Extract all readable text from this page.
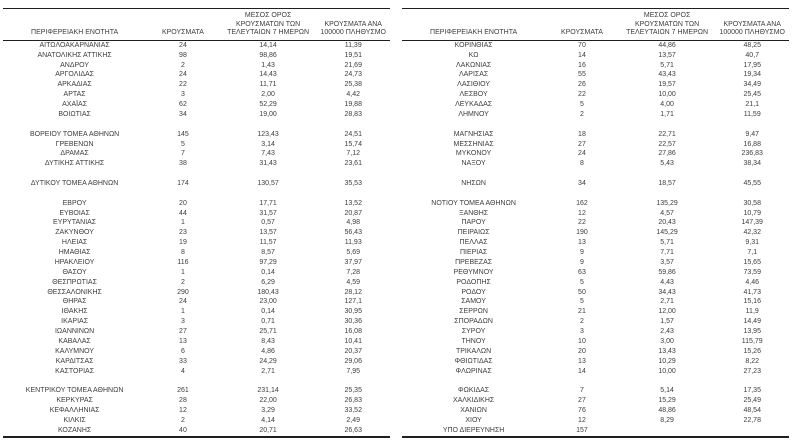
ΠΕΡΙΦΕΡΕΙΑΚΗ ΕΝΟΤΗΤΑ	ΚΡΟΥΣΜΑΤΑ	ΜΕΣΟΣ ΟΡΟΣ ΚΡΟΥΣΜΑΤΩΝ ΤΩΝ ΤΕΛΕΥΤΑΙΩΝ 7 ΗΜΕΡΩΝ	ΚΡΟΥΣΜΑΤΑ ΑΝΑ 100000 ΠΛΗΘΥΣΜΟ
ΑΙΤΩΛΟΑΚΑΡΝΑΝΙΑΣ	24	14,14	11,39
ΑΝΑΤΟΛΙΚΗΣ ΑΤΤΙΚΗΣ	98	98,86	19,51
ΑΝΔΡΟΥ	2	1,43	21,69
ΑΡΓΟΛΙΔΑΣ	24	14,43	24,73
ΑΡΚΑΔΙΑΣ	22	11,71	25,38
ΑΡΤΑΣ	3	2,00	4,42
ΑΧΑΪΑΣ	62	52,29	19,88
ΒΟΙΩΤΙΑΣ	34	19,00	28,83

ΒΟΡΕΙΟΥ ΤΟΜΕΑ ΑΘΗΝΩΝ	145	123,43	24,51
ΓΡΕΒΕΝΩΝ	5	3,14	15,74
ΔΡΑΜΑΣ	7	7,43	7,12
ΔΥΤΙΚΗΣ ΑΤΤΙΚΗΣ	38	31,43	23,61

ΔΥΤΙΚΟΥ ΤΟΜΕΑ ΑΘΗΝΩΝ	174	130,57	35,53

ΕΒΡΟΥ	20	17,71	13,52
ΕΥΒΟΙΑΣ	44	31,57	20,87
ΕΥΡΥΤΑΝΙΑΣ	1	0,57	4,98
ΖΑΚΥΝΘΟΥ	23	13,57	56,43
ΗΛΕΙΑΣ	19	11,57	11,93
ΗΜΑΘΙΑΣ	8	8,57	5,69
ΗΡΑΚΛΕΙΟΥ	116	97,29	37,97
ΘΑΣΟΥ	1	0,14	7,28
ΘΕΣΠΡΩΤΙΑΣ	2	6,29	4,59
ΘΕΣΣΑΛΟΝΙΚΗΣ	290	180,43	28,12
ΘΗΡΑΣ	24	23,00	127,1
ΙΘΑΚΗΣ	1	0,14	30,95
ΙΚΑΡΙΑΣ	3	0,71	30,36
ΙΩΑΝΝΙΝΩΝ	27	25,71	16,08
ΚΑΒΑΛΑΣ	13	8,43	10,41
ΚΑΛΥΜΝΟΥ	6	4,86	20,37
ΚΑΡΔΙΤΣΑΣ	33	24,29	29,06
ΚΑΣΤΟΡΙΑΣ	4	2,71	7,95

ΚΕΝΤΡΙΚΟΥ ΤΟΜΕΑ ΑΘΗΝΩΝ	261	231,14	25,35
ΚΕΡΚΥΡΑΣ	28	22,00	26,83
ΚΕΦΑΛΛΗΝΙΑΣ	12	3,29	33,52
ΚΙΛΚΙΣ	2	4,14	2,49
ΚΟΖΑΝΗΣ	40	20,71	26,63
ΠΕΡΙΦΕΡΕΙΑΚΗ ΕΝΟΤΗΤΑ	ΚΡΟΥΣΜΑΤΑ	ΜΕΣΟΣ ΟΡΟΣ ΚΡΟΥΣΜΑΤΩΝ ΤΩΝ ΤΕΛΕΥΤΑΙΩΝ 7 ΗΜΕΡΩΝ	ΚΡΟΥΣΜΑΤΑ ΑΝΑ 100000 ΠΛΗΘΥΣΜΟ
ΚΟΡΙΝΘΙΑΣ	70	44,86	48,25
ΚΩ	14	13,57	40,7
ΛΑΚΩΝΙΑΣ	16	5,71	17,95
ΛΑΡΙΣΑΣ	55	43,43	19,34
ΛΑΣΙΘΙΟΥ	26	19,57	34,49
ΛΕΣΒΟΥ	22	10,00	25,45
ΛΕΥΚΑΔΑΣ	5	4,00	21,1
ΛΗΜΝΟΥ	2	1,71	11,59

ΜΑΓΝΗΣΙΑΣ	18	22,71	9,47
ΜΕΣΣΗΝΙΑΣ	27	22,57	16,88
ΜΥΚΟΝΟΥ	24	27,86	236,83
ΝΑΞΟΥ	8	5,43	38,34

ΝΗΣΩΝ	34	18,57	45,55

ΝΟΤΙΟΥ ΤΟΜΕΑ ΑΘΗΝΩΝ	162	135,29	30,58
ΞΑΝΘΗΣ	12	4,57	10,79
ΠΑΡΟΥ	22	20,43	147,39
ΠΕΙΡΑΙΩΣ	190	145,29	42,32
ΠΕΛΛΑΣ	13	5,71	9,31
ΠΙΕΡΙΑΣ	9	7,71	7,1
ΠΡΕΒΕΖΑΣ	9	3,57	15,65
ΡΕΘΥΜΝΟΥ	63	59,86	73,59
ΡΟΔΟΠΗΣ	5	4,43	4,46
ΡΟΔΟΥ	50	34,43	41,73
ΣΑΜΟΥ	5	2,71	15,16
ΣΕΡΡΩΝ	21	12,00	11,9
ΣΠΟΡΑΔΩΝ	2	1,57	14,49
ΣΥΡΟΥ	3	2,43	13,95
ΤΗΝΟΥ	10	3,00	115,79
ΤΡΙΚΑΛΩΝ	20	13,43	15,26
ΦΘΙΩΤΙΔΑΣ	13	10,29	8,22
ΦΛΩΡΙΝΑΣ	14	10,00	27,23

ΦΩΚΙΔΑΣ	7	5,14	17,35
ΧΑΛΚΙΔΙΚΗΣ	27	15,29	25,49
ΧΑΝΙΩΝ	76	48,86	48,54
ΧΙΟΥ	12	8,29	22,78
ΥΠΟ ΔΙΕΡΕΥΝΗΣΗ	157		
